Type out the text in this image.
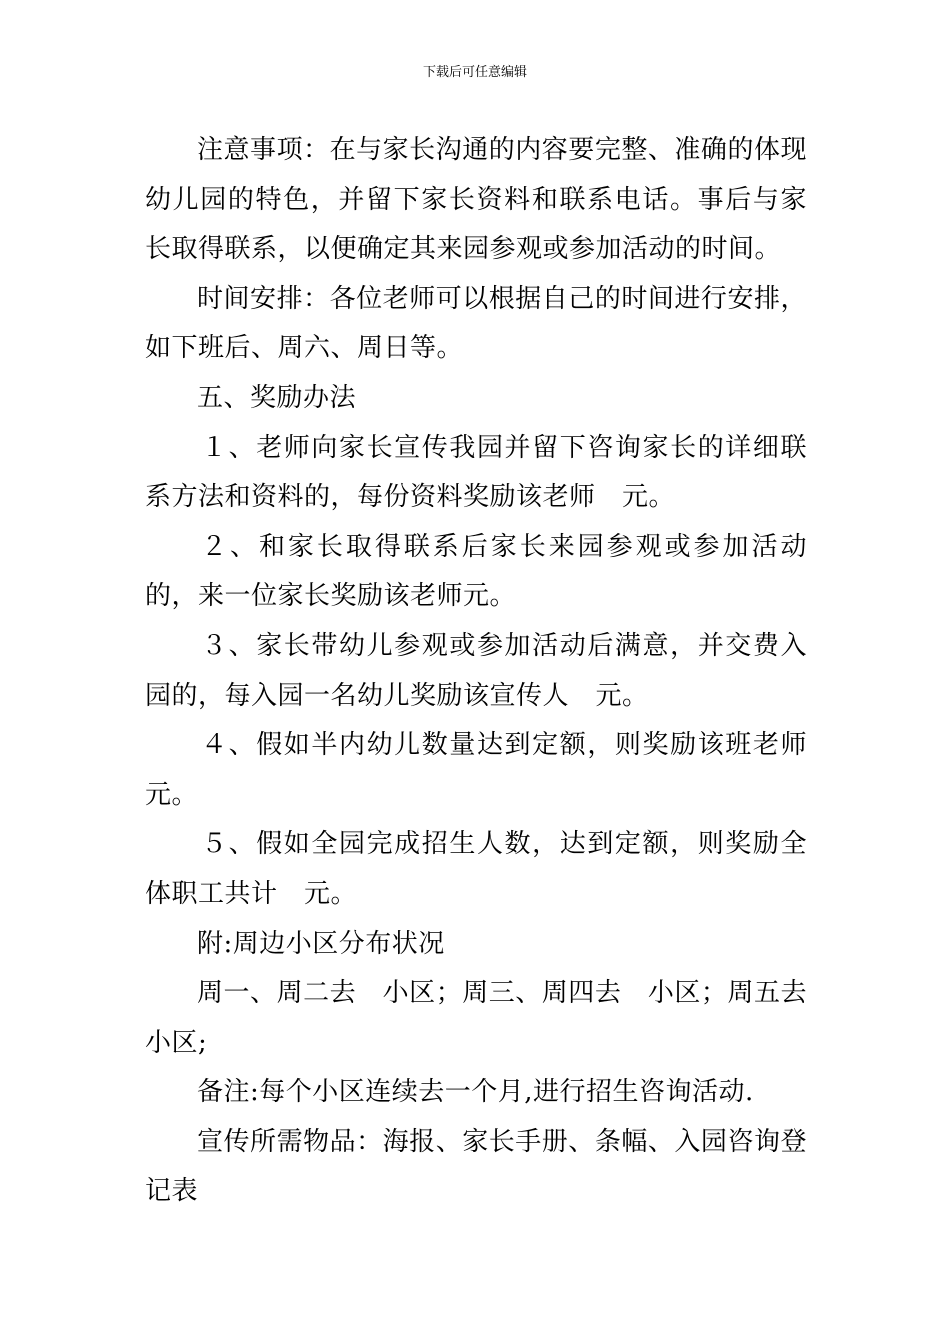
下载后可任意编辑

注意事项：在与家长沟通的内容要完整、准确的体现幼儿园的特色，并留下家长资料和联系电话。事后与家长取得联系，以便确定其来园参观或参加活动的时间。

时间安排：各位老师可以根据自己的时间进行安排，如下班后、周六、周日等。

五、奖励办法

１、老师向家长宣传我园并留下咨询家长的详细联系方法和资料的，每份资料奖励该老师　元。

２、和家长取得联系后家长来园参观或参加活动的，来一位家长奖励该老师元。

３、家长带幼儿参观或参加活动后满意，并交费入园的，每入园一名幼儿奖励该宣传人　元。

４、假如半内幼儿数量达到定额，则奖励该班老师元。

５、假如全园完成招生人数，达到定额，则奖励全体职工共计　元。

附:周边小区分布状况

周一、周二去　小区；周三、周四去　小区；周五去小区;

备注:每个小区连续去一个月,进行招生咨询活动.

宣传所需物品：海报、家长手册、条幅、入园咨询登记表
